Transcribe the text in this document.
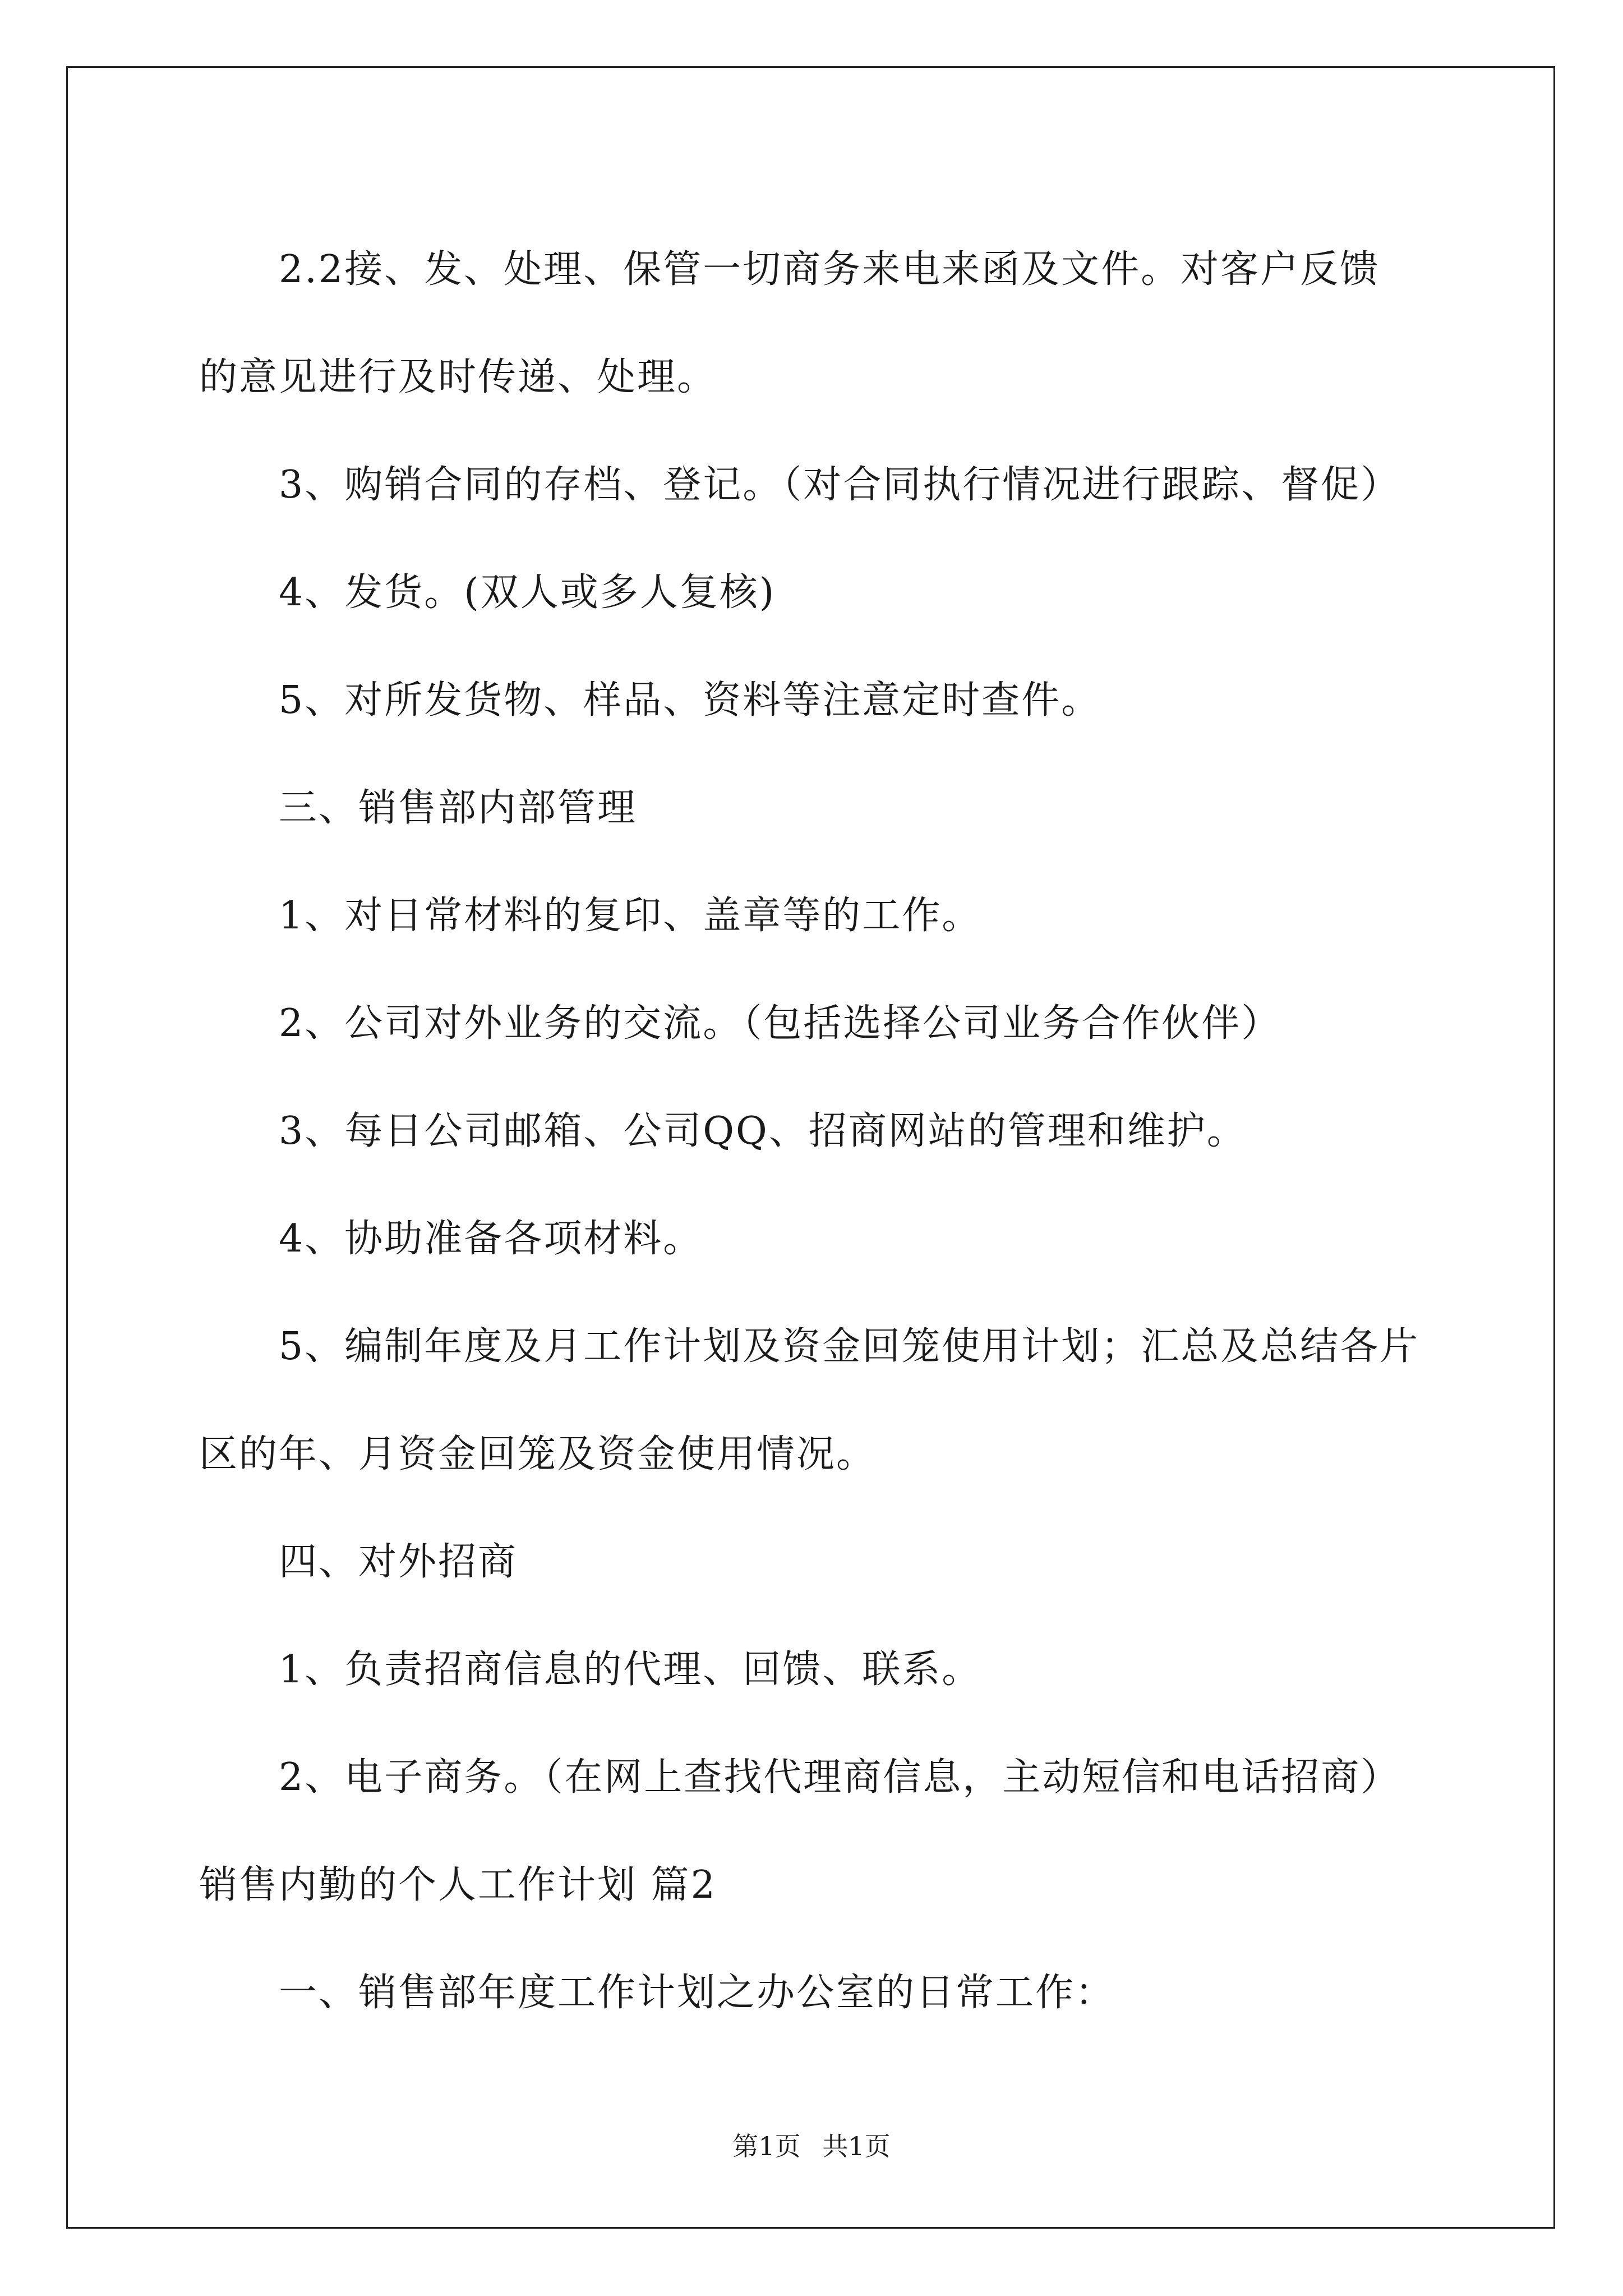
2.2接、发、处理、保管一切商务来电来函及文件。对客户反馈

的意见进行及时传递、处理。

3、购销合同的存档、登记。（对合同执行情况进行跟踪、督促）

4、发货。(双人或多人复核)

5、对所发货物、样品、资料等注意定时查件。

三、销售部内部管理

1、对日常材料的复印、盖章等的工作。

2、公司对外业务的交流。（包括选择公司业务合作伙伴）

3、每日公司邮箱、公司QQ、招商网站的管理和维护。

4、协助准备各项材料。

5、编制年度及月工作计划及资金回笼使用计划；汇总及总结各片

区的年、月资金回笼及资金使用情况。

四、对外招商

1、负责招商信息的代理、回馈、联系。

2、电子商务。（在网上查找代理商信息，主动短信和电话招商）

销售内勤的个人工作计划 篇2

一、销售部年度工作计划之办公室的日常工作：

第1页 共1页
